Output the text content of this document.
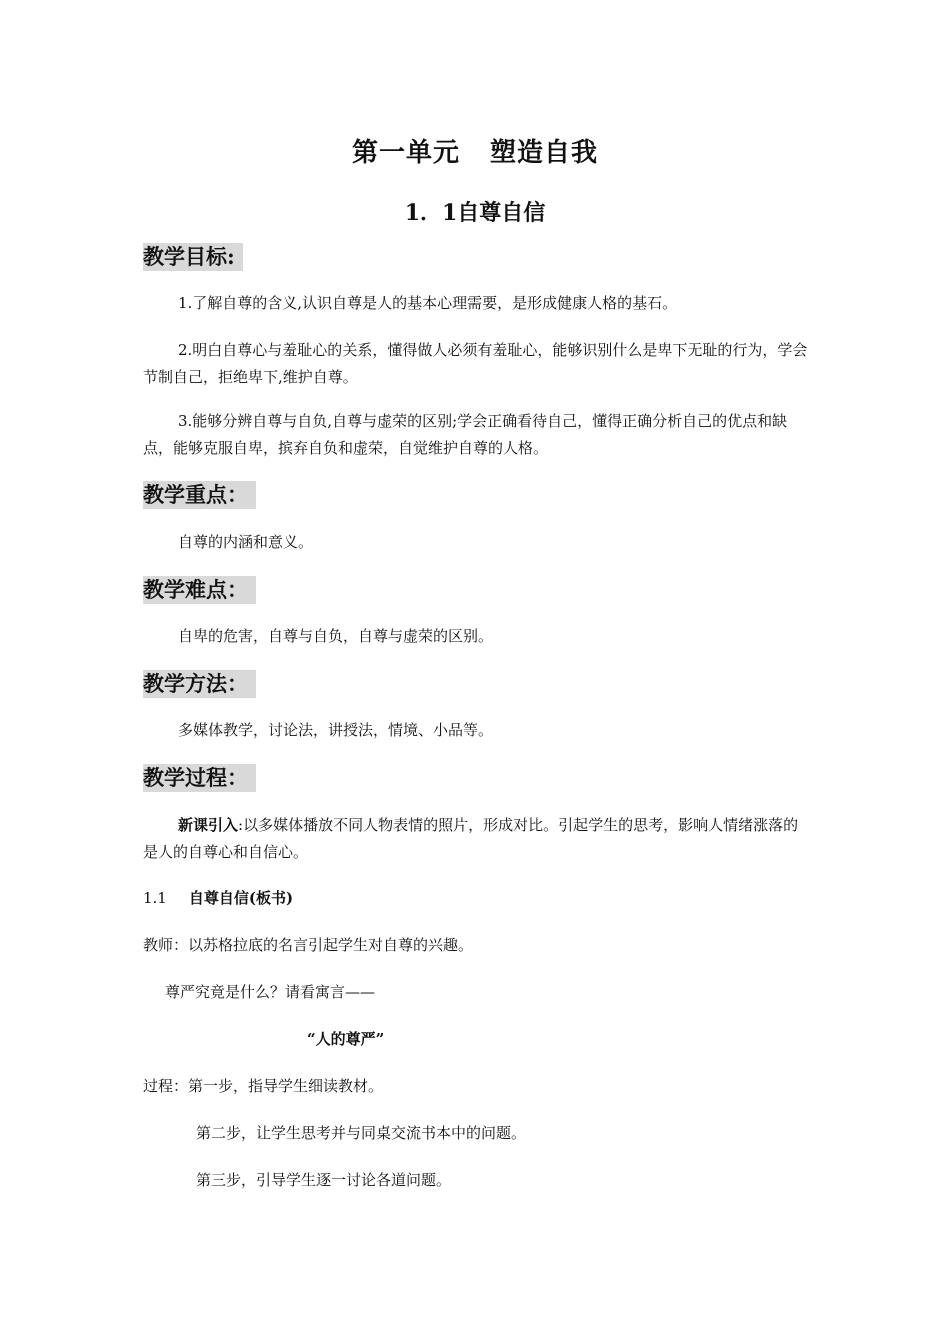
第一单元 塑造自我
1．1自尊自信
教学目标:

1.了解自尊的含义,认识自尊是人的基本心理需要，是形成健康人格的基石。

2.明白自尊心与羞耻心的关系，懂得做人必须有羞耻心，能够识别什么是卑下无耻的行为，学会节制自己，拒绝卑下,维护自尊。

3.能够分辨自尊与自负,自尊与虚荣的区别;学会正确看待自己，懂得正确分析自己的优点和缺点，能够克服自卑，摈弃自负和虚荣，自觉维护自尊的人格。

教学重点：

自尊的内涵和意义。

教学难点：

自卑的危害，自尊与自负，自尊与虚荣的区别。

教学方法：

多媒体教学，讨论法，讲授法，情境、小品等。

教学过程：

新课引入:以多媒体播放不同人物表情的照片，形成对比。引起学生的思考，影响人情绪涨落的是人的自尊心和自信心。

1.1 自尊自信(板书)
教师：以苏格拉底的名言引起学生对自尊的兴趣。
尊严究竟是什么？请看寓言——
“人的尊严”
过程：第一步，指导学生细读教材。
第二步，让学生思考并与同桌交流书本中的问题。
第三步，引导学生逐一讨论各道问题。
